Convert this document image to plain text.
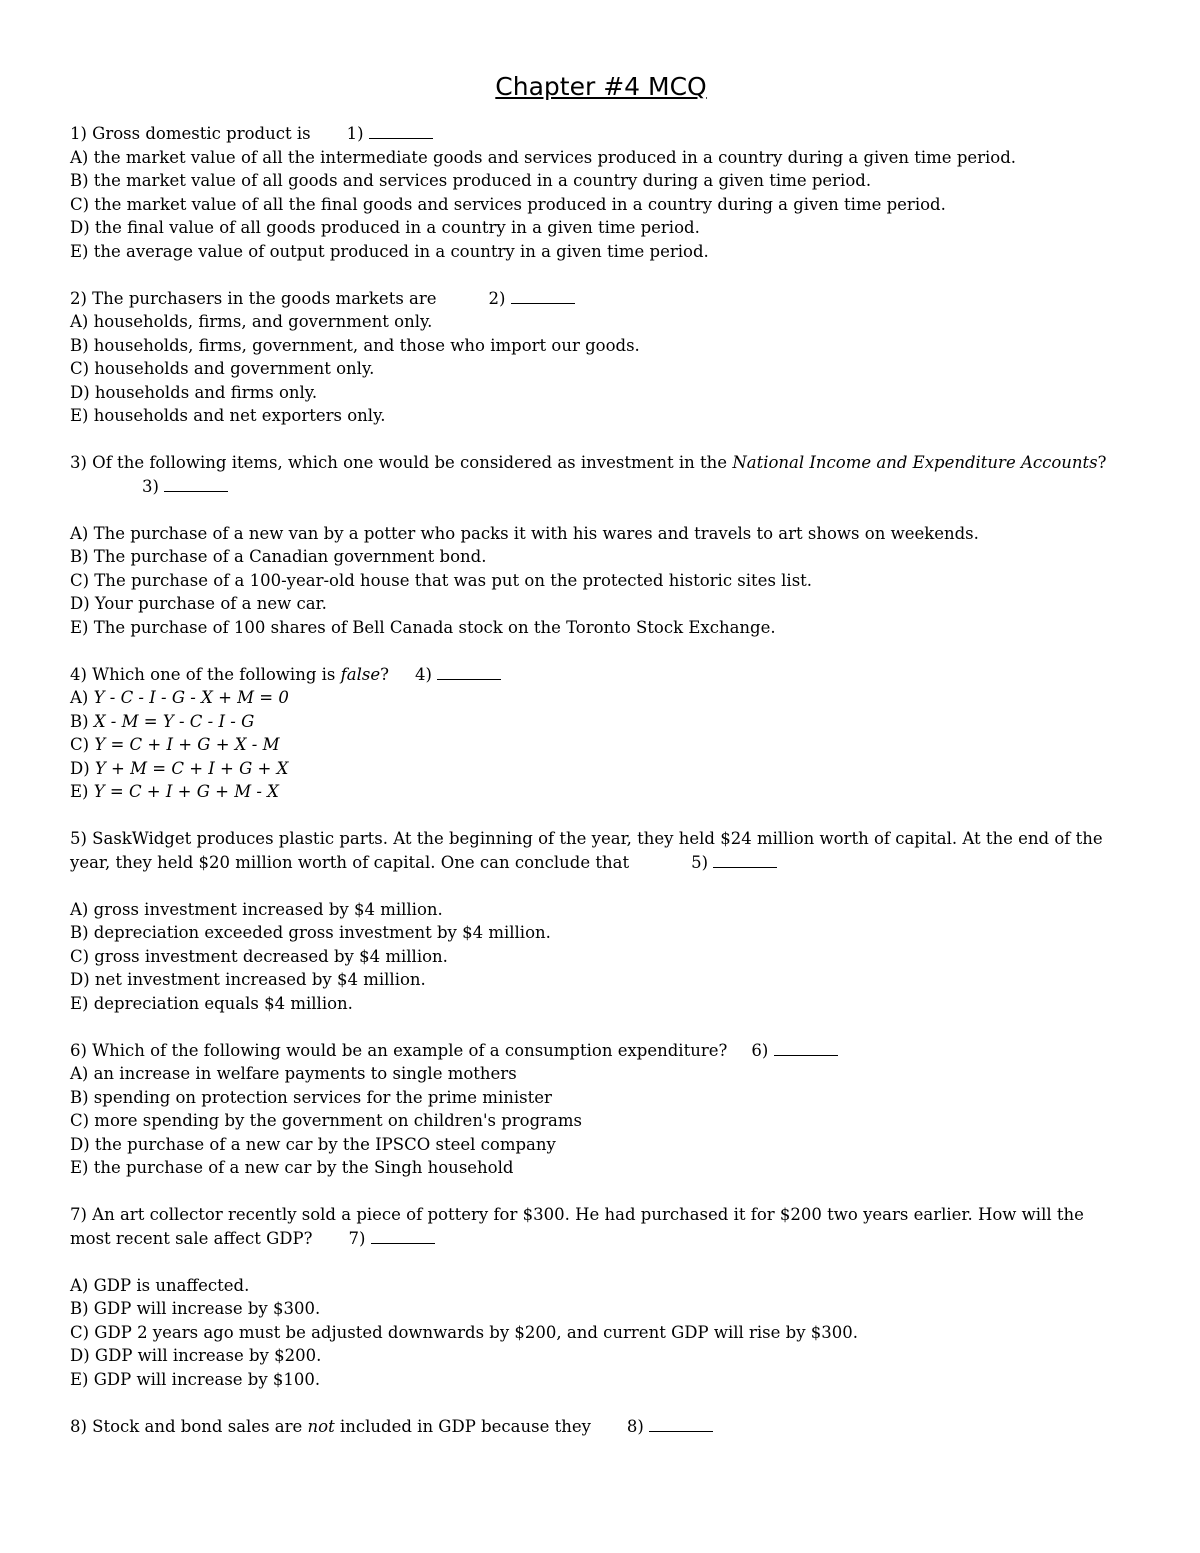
Chapter #4 MCQ
1) Gross domestic product is 1)
A) the market value of all the intermediate goods and services produced in a country during a given time period.
B) the market value of all goods and services produced in a country during a given time period.
C) the market value of all the final goods and services produced in a country during a given time period.
D) the final value of all goods produced in a country in a given time period.
E) the average value of output produced in a country in a given time period.
2) The purchasers in the goods markets are	2)
A) households, firms, and government only.
B) households, firms, government, and those who import our goods.
C) households and government only.
D) households and firms only.
E) households and net exporters only.
3) Of the following items, which one would be considered as investment in the National Income and Expenditure Accounts?
3)
A) The purchase of a new van by a potter who packs it with his wares and travels to art shows on weekends.
B) The purchase of a Canadian government bond.
C) The purchase of a 100-year-old house that was put on the protected historic sites list.
D) Your purchase of a new car.
E) The purchase of 100 shares of Bell Canada stock on the Toronto Stock Exchange.
4) Which one of the following is false? 4)
A) Y - C - I - G - X + M = 0
B) X - M = Y - C - I - G
C) Y = C + I + G + X - M
D) Y + M = C + I + G + X
E) Y = C + I + G + M - X
5) SaskWidget produces plastic parts. At the beginning of the year, they held $24 million worth of capital. At the end of the
year, they held $20 million worth of capital. One can conclude that	5)
A) gross investment increased by $4 million.
B) depreciation exceeded gross investment by $4 million.
C) gross investment decreased by $4 million.
D) net investment increased by $4 million.
E) depreciation equals $4 million.
6) Which of the following would be an example of a consumption expenditure? 6)
A) an increase in welfare payments to single mothers
B) spending on protection services for the prime minister
C) more spending by the government on children's programs
D) the purchase of a new car by the IPSCO steel company
E) the purchase of a new car by the Singh household
7) An art collector recently sold a piece of pottery for $300. He had purchased it for $200 two years earlier. How will the
most recent sale affect GDP? 7)
A) GDP is unaffected.
B) GDP will increase by $300.
C) GDP 2 years ago must be adjusted downwards by $200, and current GDP will rise by $300.
D) GDP will increase by $200.
E) GDP will increase by $100.
8) Stock and bond sales are not included in GDP because they 8)
